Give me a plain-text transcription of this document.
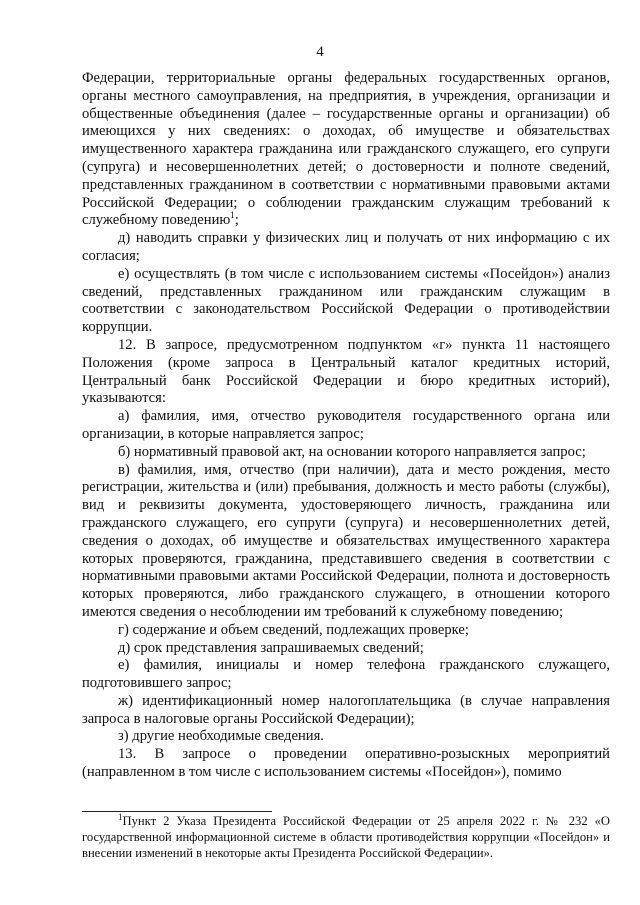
4

Федерации, территориальные органы федеральных государственных органов, органы местного самоуправления, на предприятия, в учреждения, организации и общественные объединения (далее – государственные органы и организации) об имеющихся у них сведениях: о доходах, об имуществе и обязательствах имущественного характера гражданина или гражданского служащего, его супруги (супруга) и несовершеннолетних детей; о достоверности и полноте сведений, представленных гражданином в соответствии с нормативными правовыми актами Российской Федерации; о соблюдении гражданским служащим требований к служебному поведению$^1$;

д) наводить справки у физических лиц и получать от них информацию с их согласия;

е) осуществлять (в том числе с использованием системы «Посейдон») анализ сведений, представленных гражданином или гражданским служащим в соответствии с законодательством Российской Федерации о противодействии коррупции.

12. В запросе, предусмотренном подпунктом «г» пункта 11 настоящего Положения (кроме запроса в Центральный каталог кредитных историй, Центральный банк Российской Федерации и бюро кредитных историй), указываются:

а) фамилия, имя, отчество руководителя государственного органа или организации, в которые направляется запрос;

б) нормативный правовой акт, на основании которого направляется запрос;

в) фамилия, имя, отчество (при наличии), дата и место рождения, место регистрации, жительства и (или) пребывания, должность и место работы (службы), вид и реквизиты документа, удостоверяющего личность, гражданина или гражданского служащего, его супруги (супруга) и несовершеннолетних детей, сведения о доходах, об имуществе и обязательствах имущественного характера которых проверяются, гражданина, представившего сведения в соответствии с нормативными правовыми актами Российской Федерации, полнота и достоверность которых проверяются, либо гражданского служащего, в отношении которого имеются сведения о несоблюдении им требований к служебному поведению;

г) содержание и объем сведений, подлежащих проверке;

д) срок представления запрашиваемых сведений;

е) фамилия, инициалы и номер телефона гражданского служащего, подготовившего запрос;

ж) идентификационный номер налогоплательщика (в случае направления запроса в налоговые органы Российской Федерации);

з) другие необходимые сведения.

13. В запросе о проведении оперативно-розыскных мероприятий (направленном в том числе с использованием системы «Посейдон»), помимо

$^1$Пункт 2 Указа Президента Российской Федерации от 25 апреля 2022 г. № 232 «О государственной информационной системе в области противодействия коррупции «Посейдон» и внесении изменений в некоторые акты Президента Российской Федерации».
